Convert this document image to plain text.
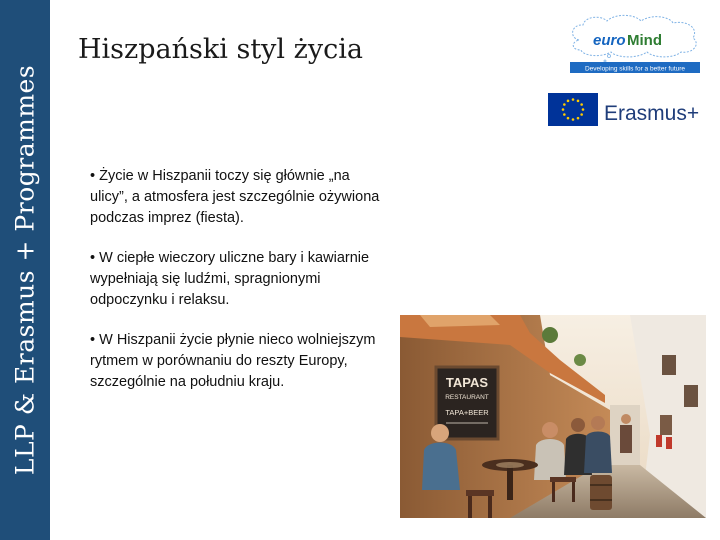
LLP & Erasmus + Programmes
Hiszpański styl życia

• Życie w Hiszpanii toczy się głównie „na ulicy”, a atmosfera jest szczególnie ożywiona podczas imprez (fiesta).

• W ciepłe wieczory uliczne bary i kawiarnie wypełniają się ludźmi, spragnionymi odpoczynku i relaksu.

• W Hiszpanii życie płynie nieco wolniejszym rytmem w porównaniu do reszty Europy, szczególnie na południu kraju.

euro Mind
Developing skills for a better future
Erasmus+
TAPAS
RESTAURANT
TAPA+BEER
